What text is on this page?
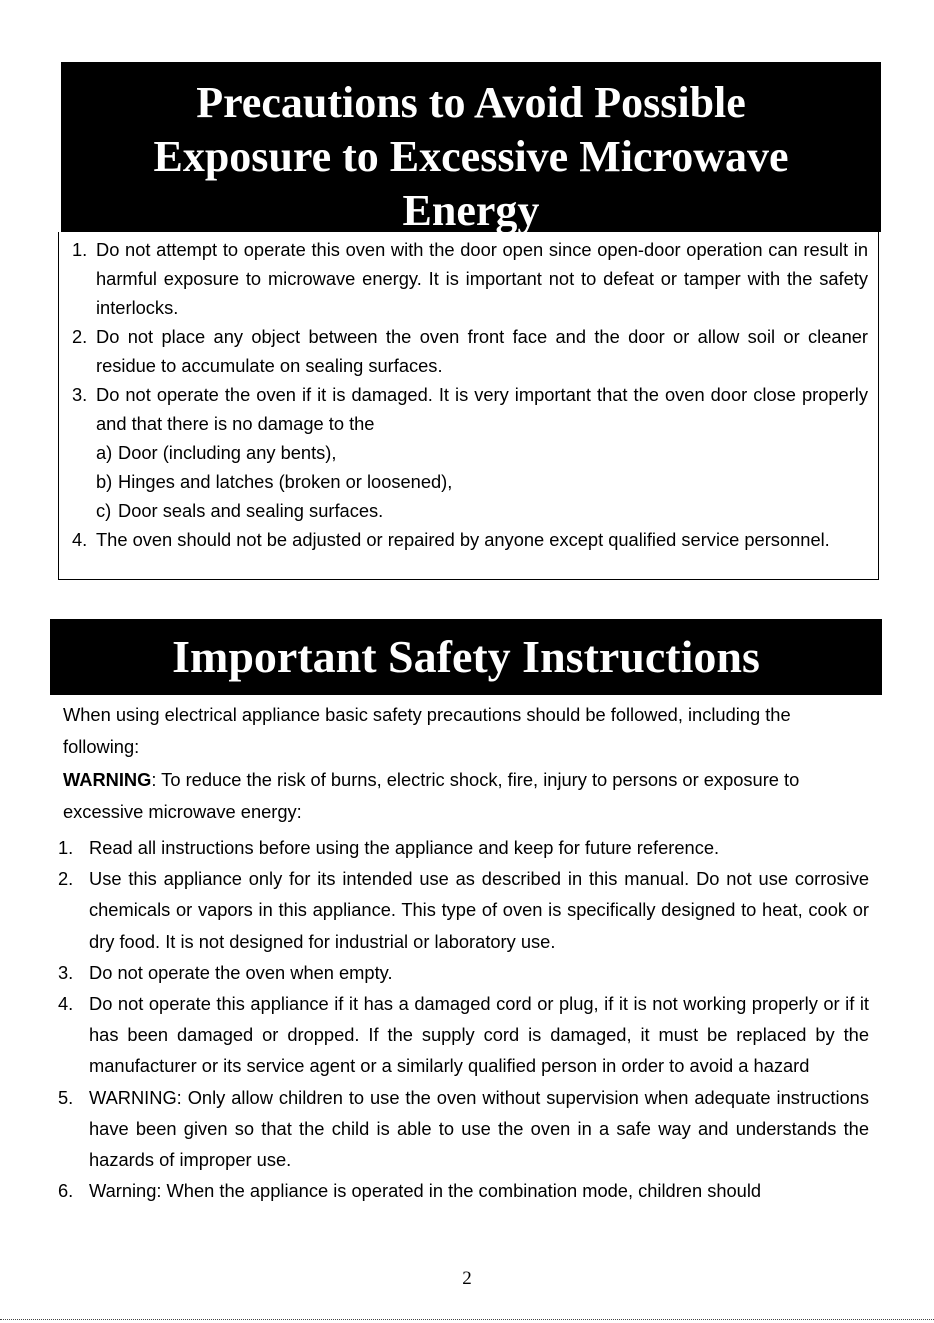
Precautions to Avoid Possible
Exposure to Excessive Microwave
Energy
1. Do not attempt to operate this oven with the door open since open-door operation can result in harmful exposure to microwave energy. It is important not to defeat or tamper with the safety interlocks.
2. Do not place any object between the oven front face and the door or allow soil or cleaner residue to accumulate on sealing surfaces.
3. Do not operate the oven if it is damaged. It is very important that the oven door close properly and that there is no damage to the
a) Door (including any bents),
b) Hinges and latches (broken or loosened),
c) Door seals and sealing surfaces.
4. The oven should not be adjusted or repaired by anyone except qualified service personnel.
Important Safety Instructions

When using electrical appliance basic safety precautions should be followed, including the following:

WARNING: To reduce the risk of burns, electric shock, fire, injury to persons or exposure to excessive microwave energy:

1. Read all instructions before using the appliance and keep for future reference.
2. Use this appliance only for its intended use as described in this manual. Do not use corrosive chemicals or vapors in this appliance. This type of oven is specifically designed to heat, cook or dry food. It is not designed for industrial or laboratory use.
3. Do not operate the oven when empty.
4. Do not operate this appliance if it has a damaged cord or plug, if it is not working properly or if it has been damaged or dropped. If the supply cord is damaged, it must be replaced by the manufacturer or its service agent or a similarly qualified person in order to avoid a hazard
5. WARNING: Only allow children to use the oven without supervision when adequate instructions have been given so that the child is able to use the oven in a safe way and understands the hazards of improper use.
6. Warning: When the appliance is operated in the combination mode, children should
2
